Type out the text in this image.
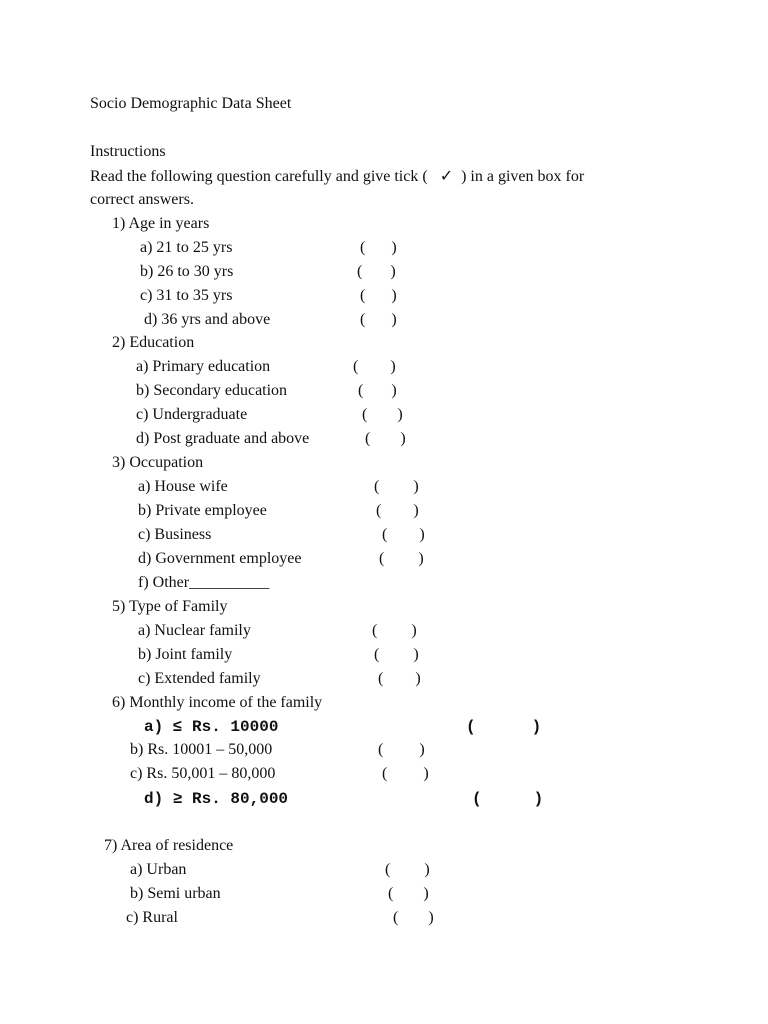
Socio Demographic Data Sheet
Instructions
Read the following question carefully and give tick ( ✓ ) in a given box for
correct answers.
1) Age in years
a) 21 to 25 yrs	( )
b) 26 to 30 yrs	( )
c) 31 to 35 yrs	( )
d) 36 yrs and above	( )
2) Education
a) Primary education	( )
b) Secondary education	( )
c) Undergraduate	( )
d) Post graduate and above	( )
3) Occupation
a) House wife	( )
b) Private employee	( )
c) Business	( )
d) Government employee	( )
f) Other__________
5) Type of Family
a) Nuclear family	( )
b) Joint family	( )
c) Extended family	( )
6) Monthly income of the family
a) ≤ Rs. 10000	(	)
b) Rs. 10001 – 50,000	( )
c) Rs. 50,001 – 80,000	( )
d) ≥ Rs. 80,000	(	)
7) Area of residence
a) Urban	( )
b) Semi urban	( )
c) Rural	( )
